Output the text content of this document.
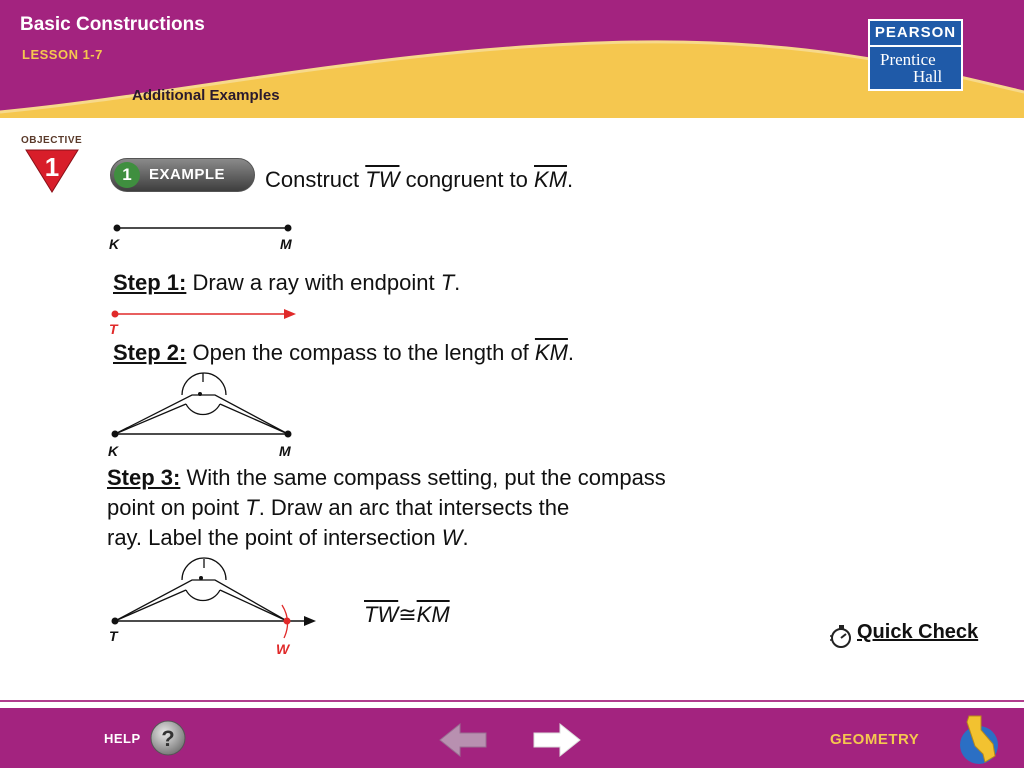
Basic Constructions
LESSON 1-7
Additional Examples
PEARSON
Prentice
Hall
OBJECTIVE
1	1	EXAMPLE Construct $\overline{TW}$ congruent to $\overline{KM}$.
K	M
T
K	M
T
W
Step 1: Draw a ray with endpoint T.
Step 2: Open the compass to the length of $\overline{KM}$.
Step 3: With the same compass setting, put the compass
point on point T. Draw an arc that intersects the
ray. Label the point of intersection W.
$\overline{TW}≅\overline{KM}$
Quick Check
HELP ?	GEOMETRY
